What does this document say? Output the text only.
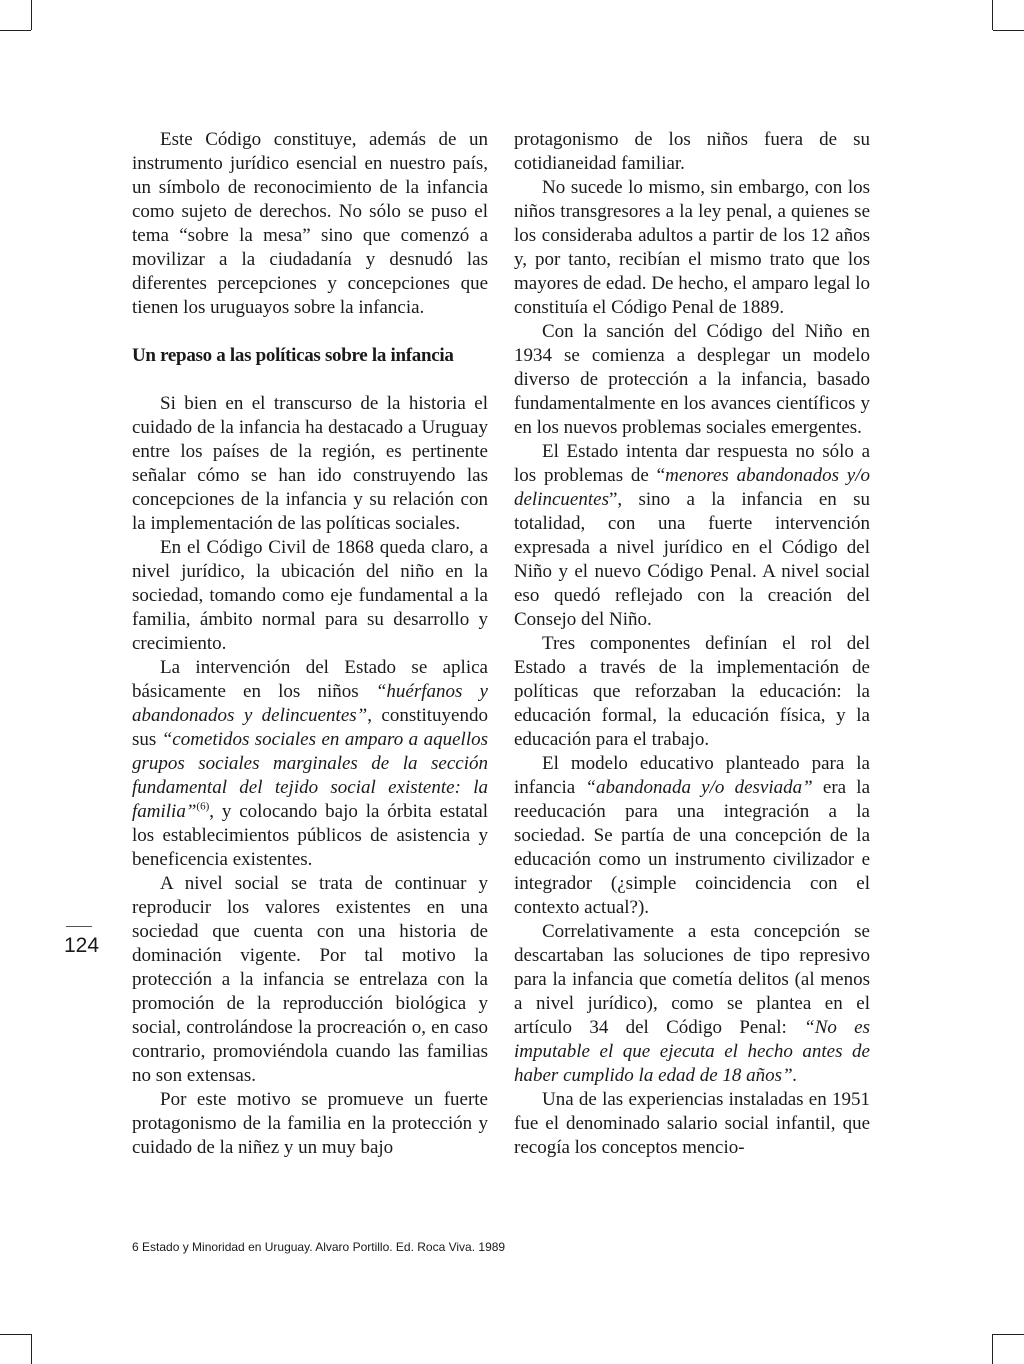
Este Código constituye, además de un instrumento jurídico esencial en nuestro país, un símbolo de reconocimiento de la infancia como sujeto de derechos. No sólo se puso el tema “sobre la mesa” sino que comenzó a movilizar a la ciudadanía y desnudó las diferentes percepciones y concepciones que tienen los uruguayos sobre la infancia.

Un repaso a las políticas sobre la infancia

Si bien en el transcurso de la historia el cuidado de la infancia ha destacado a Uruguay entre los países de la región, es pertinente señalar cómo se han ido construyendo las concepciones de la infancia y su relación con la implementación de las políticas sociales.

En el Código Civil de 1868 queda claro, a nivel jurídico, la ubicación del niño en la sociedad, tomando como eje fundamental a la familia, ámbito normal para su desarrollo y crecimiento.

La intervención del Estado se aplica básicamente en los niños “huérfanos y abandonados y delincuentes”, constituyendo sus “cometidos sociales en amparo a aquellos grupos sociales marginales de la sección fundamental del tejido social existente: la familia”$^{(6)}$, y colocando bajo la órbita estatal los establecimientos públicos de asistencia y beneficencia existentes.

A nivel social se trata de continuar y reproducir los valores existentes en una sociedad que cuenta con una historia de dominación vigente. Por tal motivo la protección a la infancia se entrelaza con la promoción de la reproducción biológica y social, controlándose la procreación o, en caso contrario, promoviéndola cuando las familias no son extensas.

Por este motivo se promueve un fuerte protagonismo de la familia en la protección y cuidado de la niñez y un muy bajo

protagonismo de los niños fuera de su cotidianeidad familiar.

No sucede lo mismo, sin embargo, con los niños transgresores a la ley penal, a quienes se los consideraba adultos a partir de los 12 años y, por tanto, recibían el mismo trato que los mayores de edad. De hecho, el amparo legal lo constituía el Código Penal de 1889.

Con la sanción del Código del Niño en 1934 se comienza a desplegar un modelo diverso de protección a la infancia, basado fundamentalmente en los avances científicos y en los nuevos problemas sociales emergentes.

El Estado intenta dar respuesta no sólo a los problemas de “menores abandonados y/o delincuentes”, sino a la infancia en su totalidad, con una fuerte intervención expresada a nivel jurídico en el Código del Niño y el nuevo Código Penal. A nivel social eso quedó reflejado con la creación del Consejo del Niño.

Tres componentes definían el rol del Estado a través de la implementación de políticas que reforzaban la educación: la educación formal, la educación física, y la educación para el trabajo.

El modelo educativo planteado para la infancia “abandonada y/o desviada” era la reeducación para una integración a la sociedad. Se partía de una concepción de la educación como un instrumento civilizador e integrador (¿simple coincidencia con el contexto actual?).

Correlativamente a esta concepción se descartaban las soluciones de tipo represivo para la infancia que cometía delitos (al menos a nivel jurídico), como se plantea en el artículo 34 del Código Penal: “No es imputable el que ejecuta el hecho antes de haber cumplido la edad de 18 años”.

Una de las experiencias instaladas en 1951 fue el denominado salario social infantil, que recogía los conceptos mencio-

124
6 Estado y Minoridad en Uruguay. Alvaro Portillo. Ed. Roca Viva. 1989
